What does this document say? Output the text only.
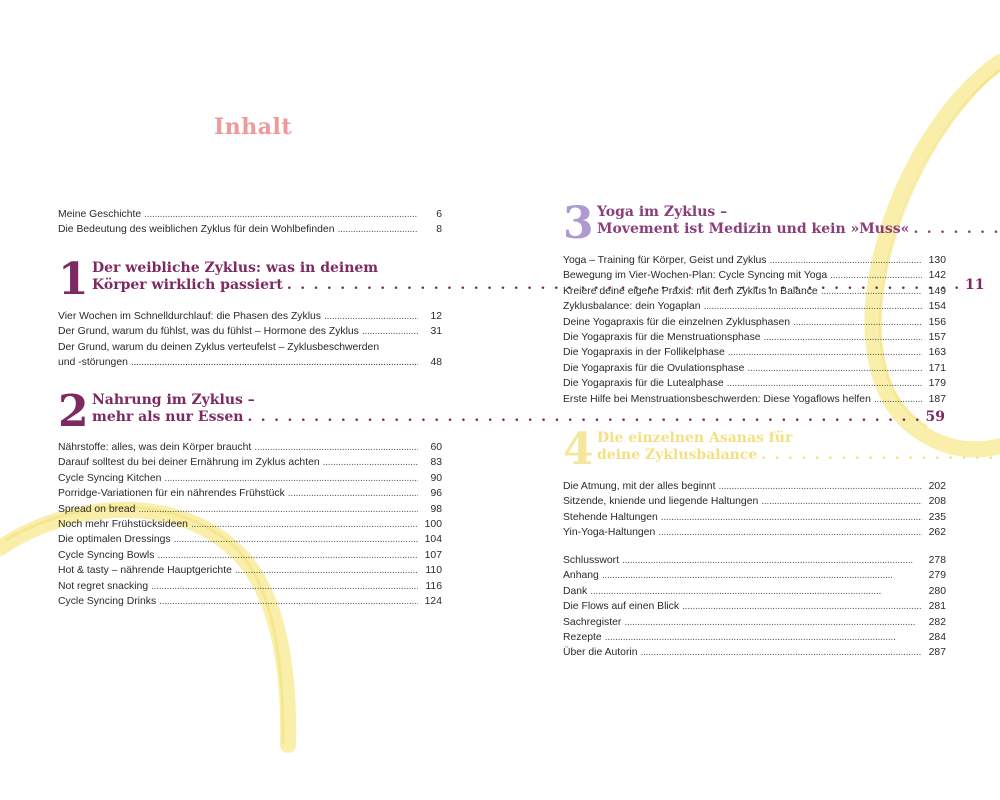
Inhalt
Meine Geschichte . . .	6
Die Bedeutung des weiblichen Zyklus für dein Wohlbefinden . . .	8
1 Der weibliche Zyklus: was in deinem
Körper wirklich passiert . . .	11
Vier Wochen im Schnelldurchlauf: die Phasen des Zyklus . . .	12
Der Grund, warum du fühlst, was du fühlst – Hormone des Zyklus . . .	31
Der Grund, warum du deinen Zyklus verteufelst – Zyklusbeschwerden
und -störungen . . .	48
2 Nahrung im Zyklus –
mehr als nur Essen . . .	59
Nährstoffe: alles, was dein Körper braucht . . .	60
Darauf solltest du bei deiner Ernährung im Zyklus achten . . .	83
Cycle Syncing Kitchen . . .	90
Porridge-Variationen für ein nährendes Frühstück . . .	96
Spread on bread . . .	98
Noch mehr Frühstücksideen . . .	100
Die optimalen Dressings . . .	104
Cycle Syncing Bowls . . .	107
Hot & tasty – nährende Hauptgerichte . . .	110
Not regret snacking . . .	116
Cycle Syncing Drinks . . .	124
3 Yoga im Zyklus –
Movement ist Medizin und kein »Muss«
. . .
Yoga – Training für Körper, Geist und Zyklus . . .	130
Bewegung im Vier-Wochen-Plan: Cycle Syncing mit Yoga . . .	142
Kreiere deine eigene Praxis: mit dem Zyklus in Balance . . .	149
Zyklusbalance: dein Yogaplan . . .	154
Deine Yogapraxis für die einzelnen Zyklusphasen . . .	156
Die Yogapraxis für die Menstruationsphase . . .	157
Die Yogapraxis in der Follikelphase . . .	163
Die Yogapraxis für die Ovulationsphase . . .	171
Die Yogapraxis für die Lutealphase . . .	179
Erste Hilfe bei Menstruationsbeschwerden: Diese Yogaflows helfen . . .	187
4 Die einzelnen Asanas für
deine Zyklusbalance
. . .
Die Atmung, mit der alles beginnt . . .	202
Sitzende, kniende und liegende Haltungen . . .	208
Stehende Haltungen . . .	235
Yin-Yoga-Haltungen . . .	262
Schlusswort . . .	278
Anhang . . .	279
Dank . . .	280
Die Flows auf einen Blick . . .	281
Sachregister . . .	282
Rezepte . . .	284
Über die Autorin . . .	287
